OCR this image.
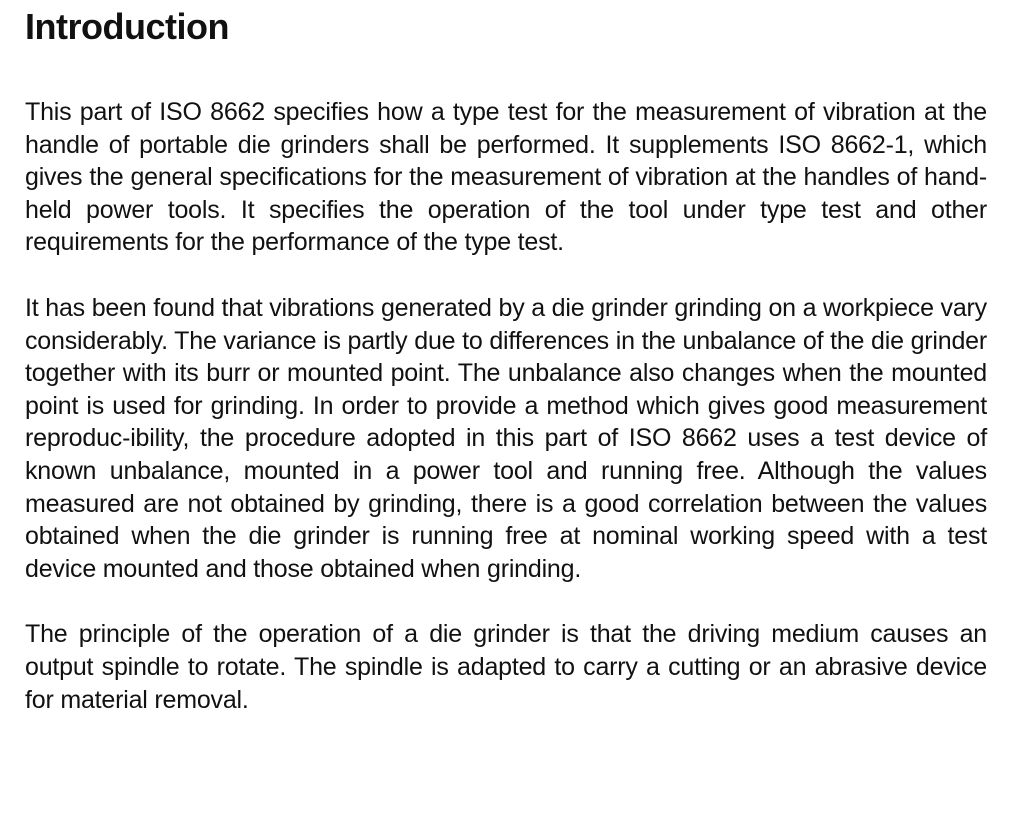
Introduction

This part of ISO 8662 specifies how a type test for the measurement of vibration at the handle of portable die grinders shall be performed. It supplements ISO 8662-1, which gives the general specifications for the measurement of vibration at the handles of hand-held power tools. It specifies the operation of the tool under type test and other requirements for the performance of the type test.

It has been found that vibrations generated by a die grinder grinding on a workpiece vary considerably. The variance is partly due to differences in the unbalance of the die grinder together with its burr or mounted point. The unbalance also changes when the mounted point is used for grinding. In order to provide a method which gives good measurement reproduc-ibility, the procedure adopted in this part of ISO 8662 uses a test device of known unbalance, mounted in a power tool and running free. Although the values measured are not obtained by grinding, there is a good correlation between the values obtained when the die grinder is running free at nominal working speed with a test device mounted and those obtained when grinding.

The principle of the operation of a die grinder is that the driving medium causes an output spindle to rotate. The spindle is adapted to carry a cutting or an abrasive device for material removal.
